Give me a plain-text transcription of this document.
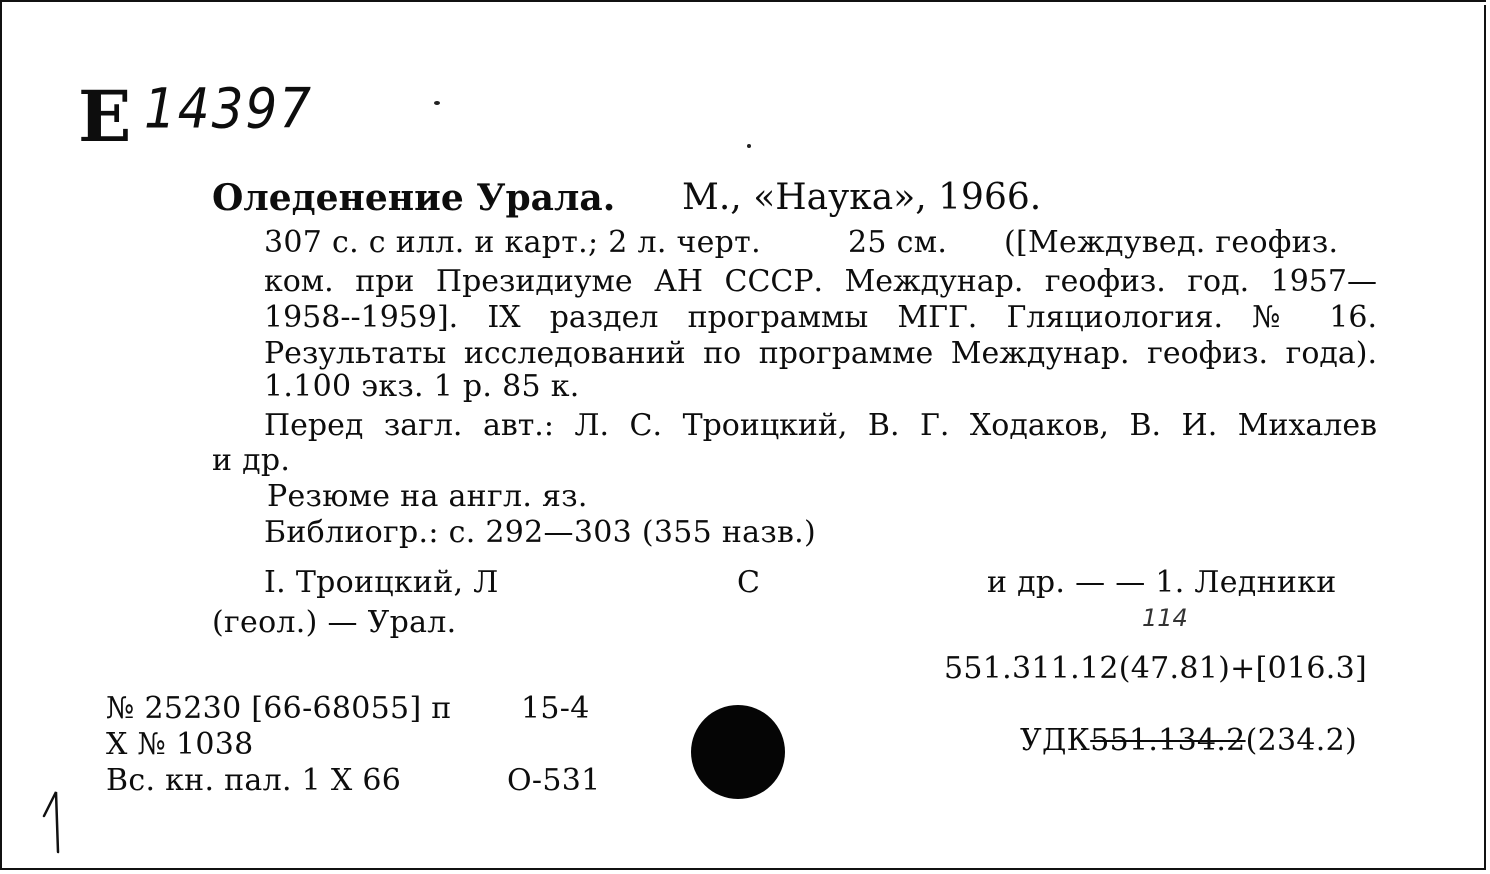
E 14397
Оледенение Урала. М., «Наука», 1966.
307 с. с илл. и карт.; 2 л. черт.	25 см. ([Междувед. геофиз.
ком. при Президиуме АН СССР. Междунар. геофиз. год. 1957—
1958--1959]. IX раздел программы МГГ. Гляциология. № 16.
Результаты исследований по программе Междунар. геофиз. года).
1.100 экз. 1 р. 85 к.
Перед загл. авт.: Л. С. Троицкий, В. Г. Ходаков, В. И. Михалев
и др.
Резюме на англ. яз.
Библиогр.: с. 292—303 (355 назв.)
I. Троицкий, Л	С	и др. — — 1. Ледники
(геол.) — Урал.	114
551.311.12(47.81)+[016.3]
УДК551.134.2(234.2)
№ 25230 [66-68055] п 15-4
Х № 1038
Вс. кн. пал. 1 Х 66	О-531
